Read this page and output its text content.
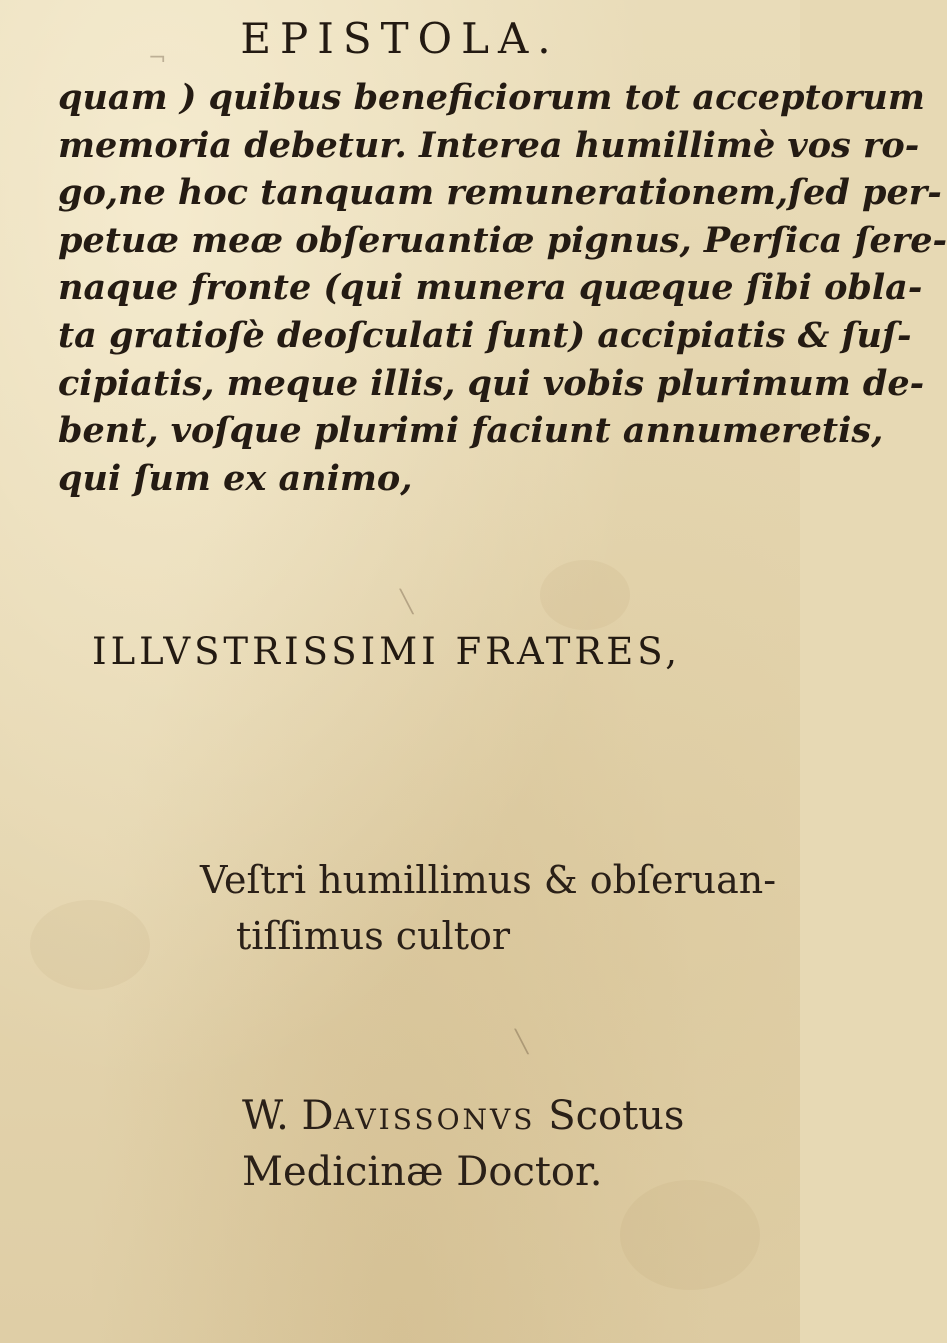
EPISTOLA.
quam ) quibus beneficiorum tot acceptorum
memoria debetur. Interea humillimè vos ro-
go,ne hoc tanquam remunerationem,ſed per-
petuæ meæ obſeruantiæ pignus, Perſica ſere-
naque fronte (qui munera quæque ſibi obla-
ta gratioſè deoſculati ſunt) accipiatis & ſuſ-
cipiatis, meque illis, qui vobis plurimum de-
bent, voſque plurimi faciunt annumeretis,
qui ſum ex animo,
ILLVSTRISSIMI FRATRES,
Veſtri humillimus & obſeruan-
tiſſimus cultor
W. DAVISSONVS Scotus
Medicinæ Doctor.
╲
╲
¬
